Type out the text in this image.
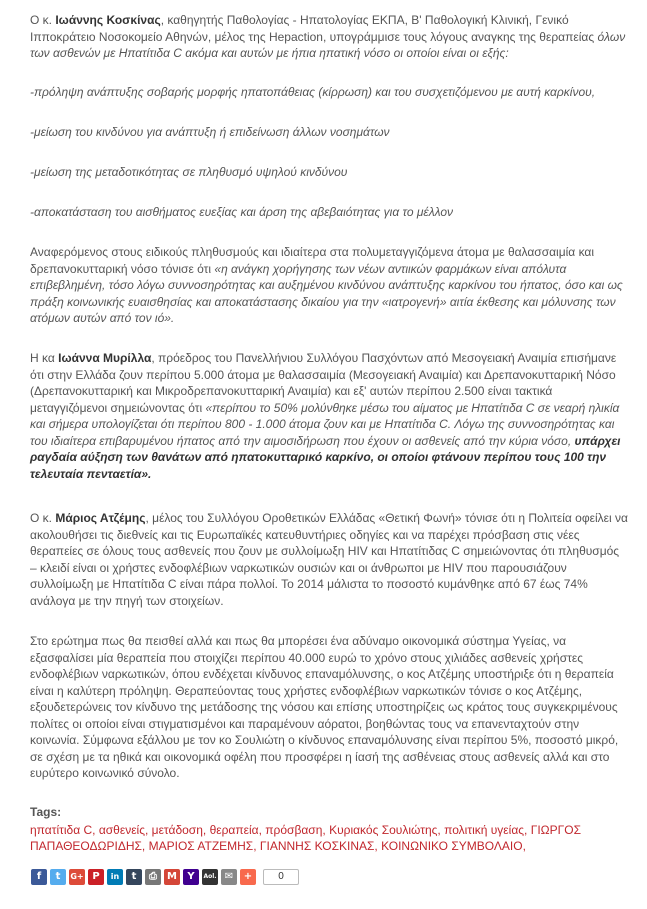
Ο κ. Ιωάννης Κοσκίνας, καθηγητής Παθολογίας - Ηπατολογίας ΕΚΠΑ, Β' Παθολογική Κλινική, Γενικό Ιπποκράτειο Νοσοκομείο Αθηνών, μέλος της Hepaction, υπογράμμισε τους λόγους αναγκης της θεραπείας όλων των ασθενών με Ηπατίτιδα C ακόμα και αυτών με ήπια ηπατική νόσο οι οποίοι είναι οι εξής:

-πρόληψη ανάπτυξης σοβαρής μορφής ηπατοπάθειας (κίρρωση) και του συσχετιζόμενου με αυτή καρκίνου,

-μείωση του κινδύνου για ανάπτυξη ή επιδείνωση άλλων νοσημάτων

-μείωση της μεταδοτικότητας σε πληθυσμό υψηλού κινδύνου

-αποκατάσταση του αισθήματος ευεξίας και άρση της αβεβαιότητας για το μέλλον

Αναφερόμενος στους ειδικούς πληθυσμούς και ιδιαίτερα στα πολυμεταγγιζόμενα άτομα με θαλασσαιμία και δρεπανοκυτταρική νόσο τόνισε ότι «η ανάγκη χορήγησης των νέων αντιικών φαρμάκων είναι απόλυτα επιβεβλημένη, τόσο λόγω συννοσηρότητας και αυξημένου κινδύνου ανάπτυξης καρκίνου του ήπατος, όσο και ως πράξη κοινωνικής ευαισθησίας και αποκατάστασης δικαίου για την «ιατρογενή» αιτία έκθεσης και μόλυνσης των ατόμων αυτών από τον ιό».

Η κα Ιωάννα Μυρίλλα, πρόεδρος του Πανελλήνιου Συλλόγου Πασχόντων από Μεσογειακή Αναιμία επισήμανε ότι στην Ελλάδα ζουν περίπου 5.000 άτομα με θαλασσαιμία (Μεσογειακή Αναιμία) και Δρεπανοκυτταρική Νόσο (Δρεπανοκυτταρική και Μικροδρεπανοκυτταρική Αναιμία) και εξ' αυτών περίπου 2.500 είναι τακτικά μεταγγιζόμενοι σημειώνοντας ότι «περίπου το 50% μολύνθηκε μέσω του αίματος με Ηπατίτιδα C σε νεαρή ηλικία και σήμερα υπολογίζεται ότι περίπου 800 - 1.000 άτομα ζουν και με Ηπατίτιδα C. Λόγω της συννοσηρότητας και του ιδιαίτερα επιβαρυμένου ήπατος από την αιμοσιδήρωση που έχουν οι ασθενείς από την κύρια νόσο, υπάρχει ραγδαία αύξηση των θανάτων από ηπατοκυτταρικό καρκίνο, οι οποίοι φτάνουν περίπου τους 100 την τελευταία πενταετία».

Ο κ. Μάριος Ατζέμης, μέλος του Συλλόγου Οροθετικών Ελλάδας «Θετική Φωνή» τόνισε ότι η Πολιτεία οφείλει να ακολουθήσει τις διεθνείς και τις Ευρωπαϊκές κατευθυντήριες οδηγίες και να παρέχει πρόσβαση στις νέες θεραπείες σε όλους τους ασθενείς που ζουν με συλλοίμωξη HIV και Ηπατίτιδας C σημειώνοντας ότι πληθυσμός – κλειδί είναι οι χρήστες ενδοφλέβιων ναρκωτικών ουσιών και οι άνθρωποι με HIV που παρουσιάζουν συλλοίμωξη με Ηπατίτιδα C είναι πάρα πολλοί. Το 2014 μάλιστα το ποσοστό κυμάνθηκε από 67 έως 74% ανάλογα με την πηγή των στοιχείων.

Στο ερώτημα πως θα πεισθεί αλλά και πως θα μπορέσει ένα αδύναμο οικονομικά σύστημα Υγείας, να εξασφαλίσει μία θεραπεία που στοιχίζει περίπου 40.000 ευρώ το χρόνο στους χιλιάδες ασθενείς χρήστες ενδοφλέβιων ναρκωτικών, όπου ενδέχεται κίνδυνος επαναμόλυνσης, ο κος Ατζέμης υποστήριξε ότι η θεραπεία είναι η καλύτερη πρόληψη. Θεραπεύοντας τους χρήστες ενδοφλέβιων ναρκωτικών τόνισε ο κος Ατζέμης, εξουδετερώνεις τον κίνδυνο της μετάδοσης της νόσου και επίσης υποστηρίζεις ως κράτος τους συγκεκριμένους πολίτες οι οποίοι είναι στιγματισμένοι και παραμένουν αόρατοι, βοηθώντας τους να επανενταχτούν στην κοινωνία. Σύμφωνα εξάλλου με τον κο Σουλιώτη ο κίνδυνος επαναμόλυνσης είναι περίπου 5%, ποσοστό μικρό, σε σχέση με τα ηθικά και οικονομικά οφέλη που προσφέρει η ίασή της ασθένειας στους ασθενείς αλλά και στο ευρύτερο κοινωνικό σύνολο.

Tags:
ηπατίτιδα C, ασθενείς, μετάδοση, θεραπεία, πρόσβαση, Κυριακός Σουλιώτης, πολιτική υγείας, ΓΙΩΡΓΟΣ ΠΑΠΑΘΕΟΔΩΡΙΔΗΣ, ΜΑΡΙΟΣ ΑΤΖΕΜΗΣ, ΓΙΑΝΝΗΣ ΚΟΣΚΙΝΑΣ, ΚΟΙΝΩΝΙΚΟ ΣΥΜΒΟΛΑΙΟ,
f	t	G+ P	in	t	⎙	M	Y	Aol. ✉	+	0
